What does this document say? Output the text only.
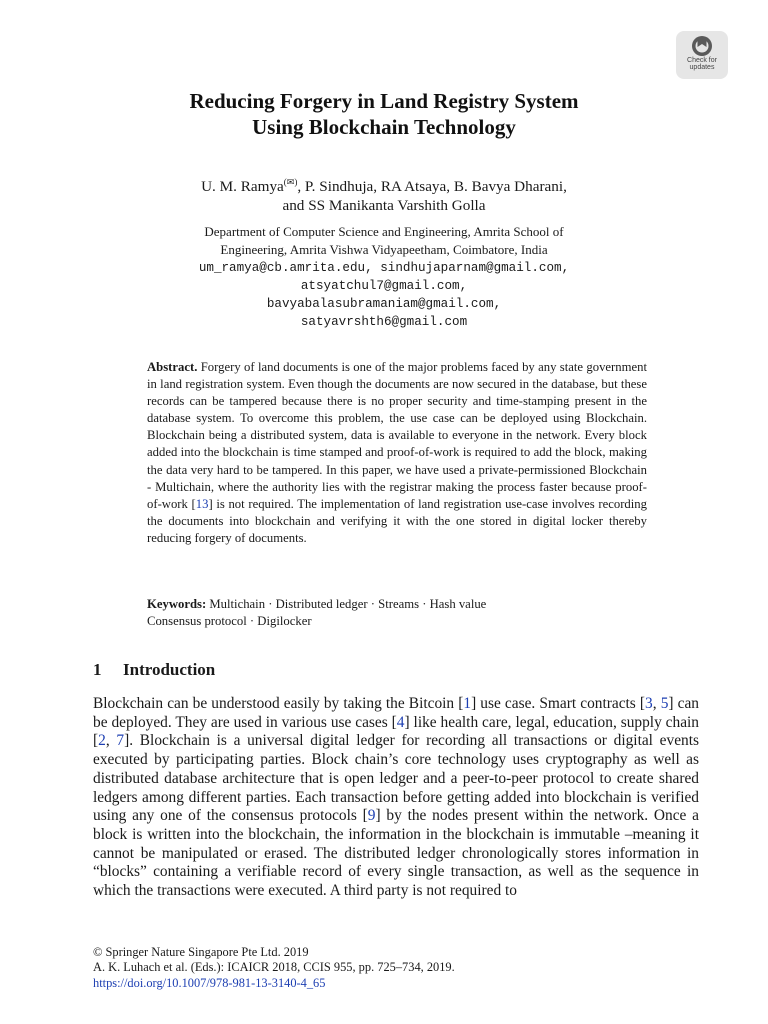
Check for
updates
Reducing Forgery in Land Registry System
Using Blockchain Technology
U. M. Ramya(✉), P. Sindhuja, RA Atsaya, B. Bavya Dharani,
and SS Manikanta Varshith Golla
Department of Computer Science and Engineering, Amrita School of
Engineering, Amrita Vishwa Vidyapeetham, Coimbatore, India
um_ramya@cb.amrita.edu, sindhujaparnam@gmail.com,
atsyatchul7@gmail.com,
bavyabalasubramaniam@gmail.com,
satyavrshth6@gmail.com

Abstract. Forgery of land documents is one of the major problems faced by any state government in land registration system. Even though the documents are now secured in the database, but these records can be tampered because there is no proper security and time-stamping present in the database system. To overcome this problem, the use case can be deployed using Blockchain. Blockchain being a distributed system, data is available to everyone in the network. Every block added into the blockchain is time stamped and proof-of-work is required to add the block, making the data very hard to be tampered. In this paper, we have used a private-permissioned Blockchain - Multichain, where the authority lies with the registrar making the process faster because proof-of-work [13] is not required. The implementation of land registration use-case involves recording the documents into blockchain and verifying it with the one stored in digital locker thereby reducing forgery of documents.

Keywords: Multichain · Distributed ledger · Streams · Hash value
Consensus protocol · Digilocker

1 Introduction

Blockchain can be understood easily by taking the Bitcoin [1] use case. Smart contracts [3, 5] can be deployed. They are used in various use cases [4] like health care, legal, education, supply chain [2, 7]. Blockchain is a universal digital ledger for recording all transactions or digital events executed by participating parties. Block chain’s core technology uses cryptography as well as distributed database architecture that is open ledger and a peer-to-peer protocol to create shared ledgers among different parties. Each transaction before getting added into blockchain is verified using any one of the consensus protocols [9] by the nodes present within the network. Once a block is written into the blockchain, the information in the blockchain is immutable –meaning it cannot be manipulated or erased. The distributed ledger chronologically stores information in “blocks” containing a verifiable record of every single transaction, as well as the sequence in which the transactions were executed. A third party is not required to

© Springer Nature Singapore Pte Ltd. 2019
A. K. Luhach et al. (Eds.): ICAICR 2018, CCIS 955, pp. 725–734, 2019.
https://doi.org/10.1007/978-981-13-3140-4_65
